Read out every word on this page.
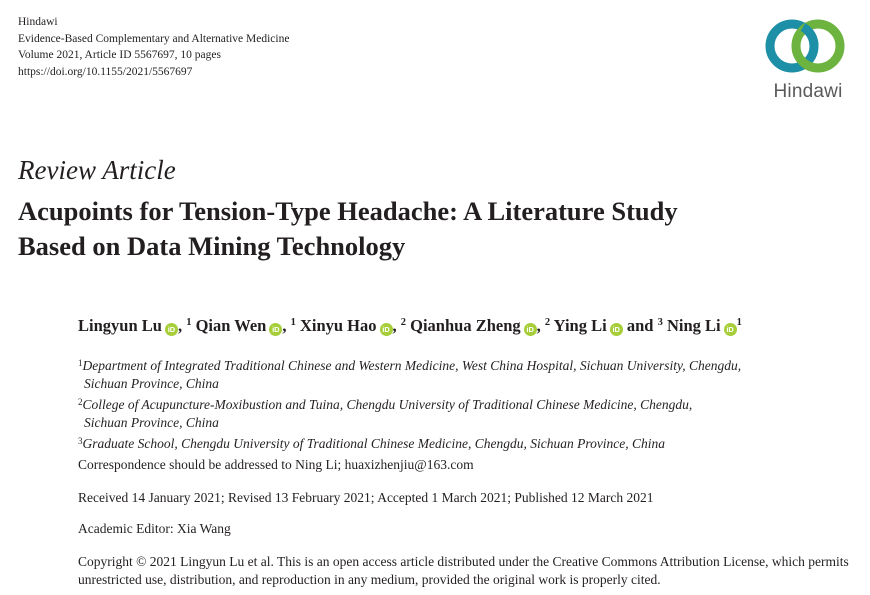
Hindawi
Evidence-Based Complementary and Alternative Medicine
Volume 2021, Article ID 5567697, 10 pages
https://doi.org/10.1155/2021/5567697
Hindawi
Review Article
Acupoints for Tension-Type Headache: A Literature Study
Based on Data Mining Technology
Lingyun Lu iD , $^1$ Qian Wen iD , $^1$ Xinyu Hao iD , $^2$ Qianhua Zheng iD , $^2$ Ying Li iD and $^3$ Ning Li iD$^1$
$^1$Department of Integrated Traditional Chinese and Western Medicine, West China Hospital, Sichuan University, Chengdu,
Sichuan Province, China
$^2$College of Acupuncture-Moxibustion and Tuina, Chengdu University of Traditional Chinese Medicine, Chengdu,
Sichuan Province, China
$^3$Graduate School, Chengdu University of Traditional Chinese Medicine, Chengdu, Sichuan Province, China
Correspondence should be addressed to Ning Li; huaxizhenjiu@163.com
Received 14 January 2021; Revised 13 February 2021; Accepted 1 March 2021; Published 12 March 2021
Academic Editor: Xia Wang
Copyright © 2021 Lingyun Lu et al. This is an open access article distributed under the Creative Commons Attribution License, which permits unrestricted use, distribution, and reproduction in any medium, provided the original work is properly cited.
